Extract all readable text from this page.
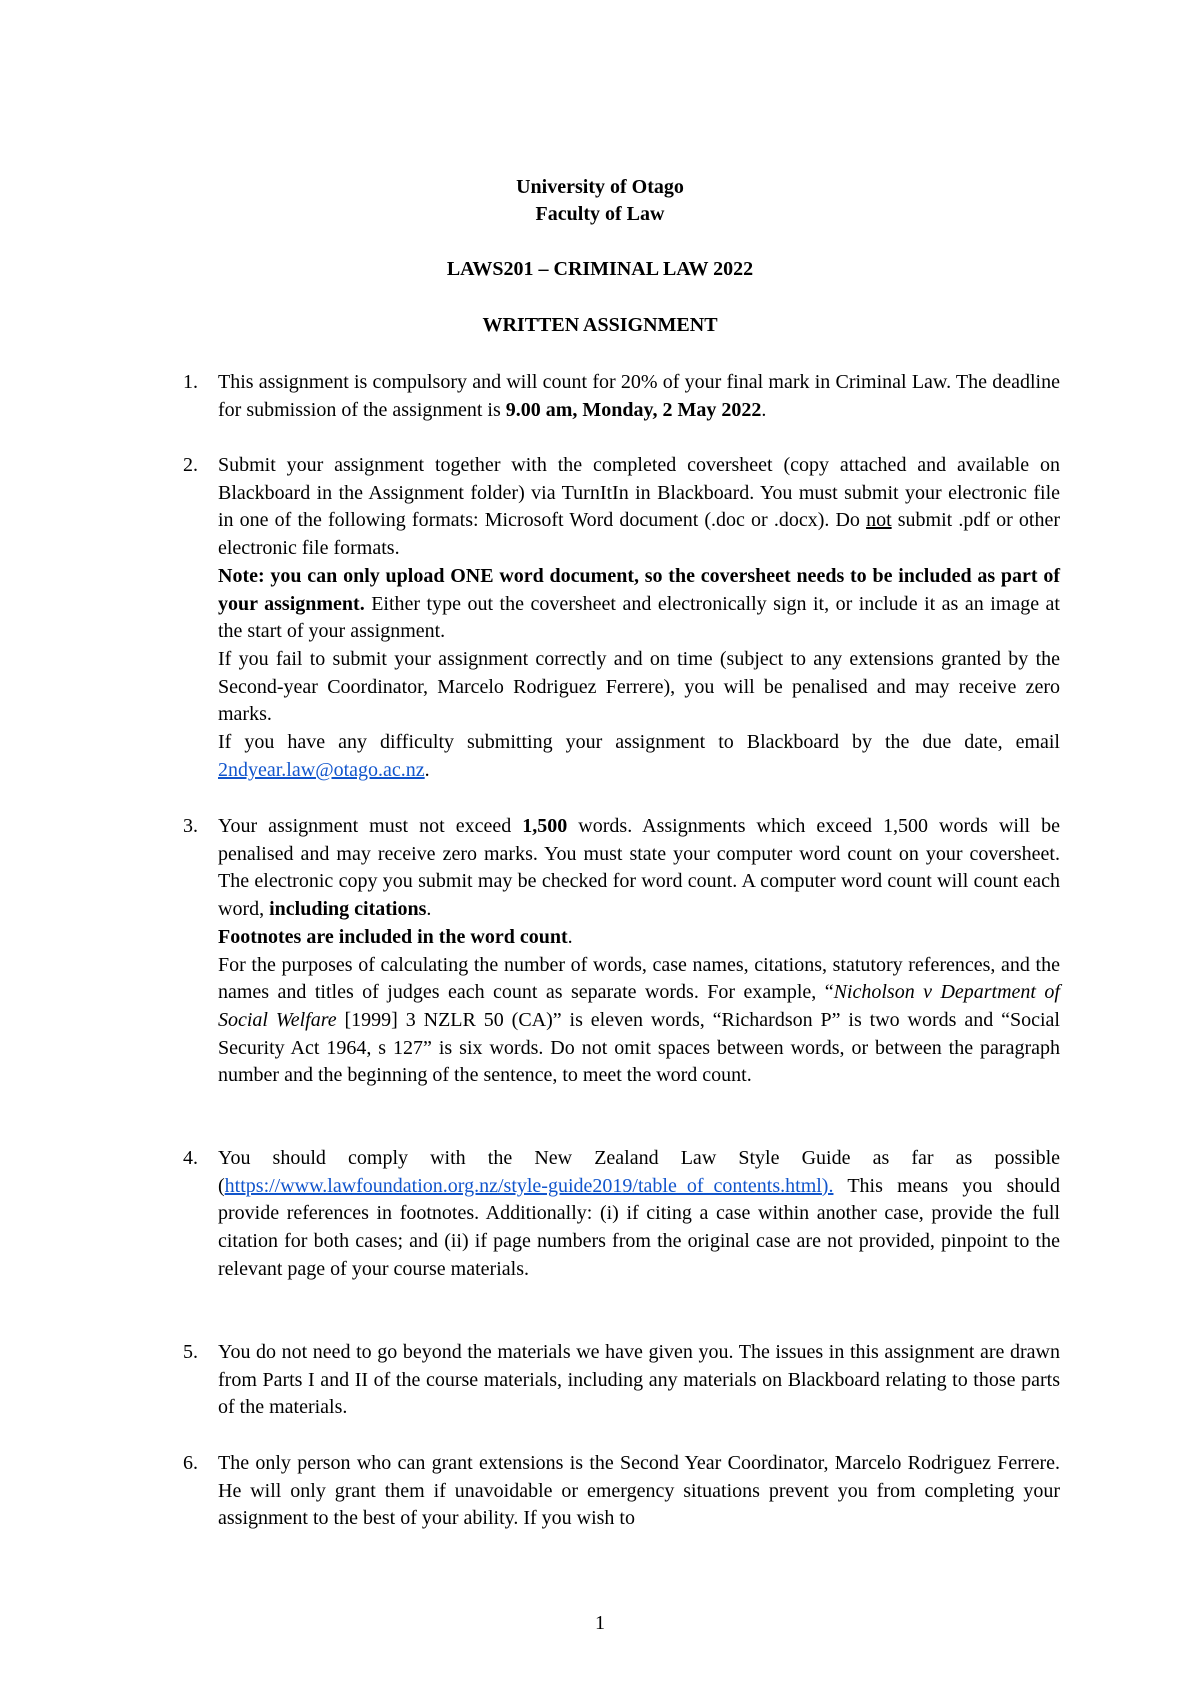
University of Otago
Faculty of Law
LAWS201 – CRIMINAL LAW 2022
WRITTEN ASSIGNMENT
1. This assignment is compulsory and will count for 20% of your final mark in Criminal Law. The deadline for submission of the assignment is 9.00 am, Monday, 2 May 2022.

2. Submit your assignment together with the completed coversheet (copy attached and available on Blackboard in the Assignment folder) via TurnItIn in Blackboard. You must submit your electronic file in one of the following formats: Microsoft Word document (.doc or .docx). Do not submit .pdf or other electronic file formats.

Note: you can only upload ONE word document, so the coversheet needs to be included as part of your assignment. Either type out the coversheet and electronically sign it, or include it as an image at the start of your assignment.

If you fail to submit your assignment correctly and on time (subject to any extensions granted by the Second-year Coordinator, Marcelo Rodriguez Ferrere), you will be penalised and may receive zero marks.

If you have any difficulty submitting your assignment to Blackboard by the due date, email 2ndyear.law@otago.ac.nz.

3. Your assignment must not exceed 1,500 words. Assignments which exceed 1,500 words will be penalised and may receive zero marks. You must state your computer word count on your coversheet. The electronic copy you submit may be checked for word count. A computer word count will count each word, including citations.

Footnotes are included in the word count.

For the purposes of calculating the number of words, case names, citations, statutory references, and the names and titles of judges each count as separate words. For example, “Nicholson v Department of Social Welfare [1999] 3 NZLR 50 (CA)” is eleven words, “Richardson P” is two words and “Social Security Act 1964, s 127” is six words. Do not omit spaces between words, or between the paragraph number and the beginning of the sentence, to meet the word count.

4. You should comply with the New Zealand Law Style Guide as far as possible (https://www.lawfoundation.org.nz/style-guide2019/table_of_contents.html). This means you should provide references in footnotes. Additionally: (i) if citing a case within another case, provide the full citation for both cases; and (ii) if page numbers from the original case are not provided, pinpoint to the relevant page of your course materials.

5. You do not need to go beyond the materials we have given you. The issues in this assignment are drawn from Parts I and II of the course materials, including any materials on Blackboard relating to those parts of the materials.

6. The only person who can grant extensions is the Second Year Coordinator, Marcelo Rodriguez Ferrere. He will only grant them if unavoidable or emergency situations prevent you from completing your assignment to the best of your ability. If you wish to

1
